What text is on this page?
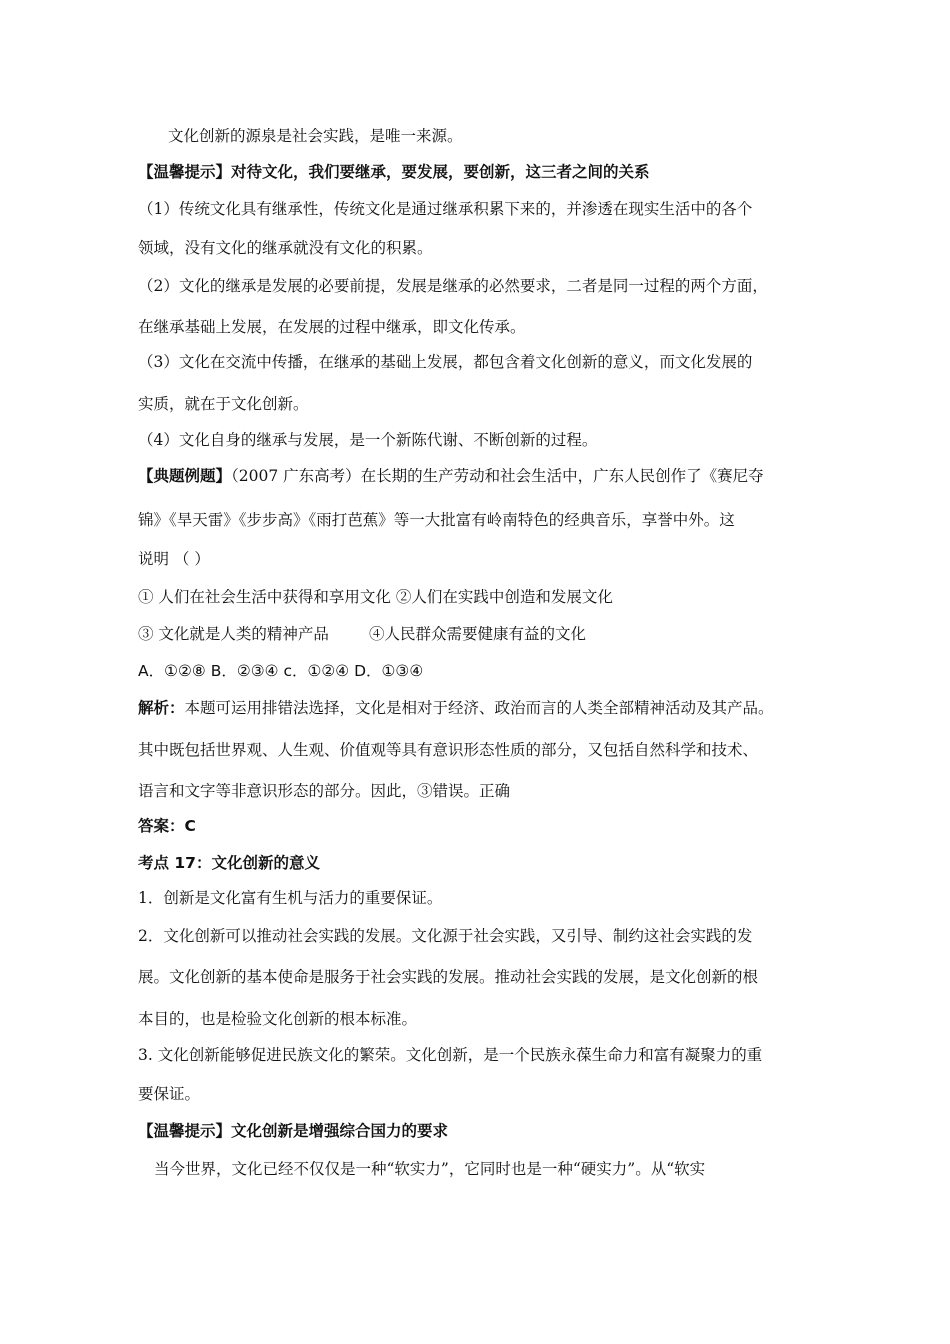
文化创新的源泉是社会实践，是唯一来源。
【温馨提示】对待文化，我们要继承，要发展，要创新，这三者之间的关系
（1）传统文化具有继承性，传统文化是通过继承积累下来的，并渗透在现实生活中的各个
领域，没有文化的继承就没有文化的积累。
（2）文化的继承是发展的必要前提，发展是继承的必然要求，二者是同一过程的两个方面，
在继承基础上发展，在发展的过程中继承，即文化传承。
（3）文化在交流中传播，在继承的基础上发展，都包含着文化创新的意义，而文化发展的
实质，就在于文化创新。
（4）文化自身的继承与发展，是一个新陈代谢、不断创新的过程。
【典题例题】（2007 广东高考）在长期的生产劳动和社会生活中，广东人民创作了《赛尼夺
锦》《旱天雷》《步步高》《雨打芭蕉》等一大批富有岭南特色的经典音乐，享誉中外。这
说明 （ ）
① 人们在社会生活中获得和享用文化 ②人们在实践中创造和发展文化
③ 文化就是人类的精神产品	④人民群众需要健康有益的文化
A．①②⑧ B．②③④ c．①②④ D．①③④
解析：本题可运用排错法选择，文化是相对于经济、政治而言的人类全部精神活动及其产品。
其中既包括世界观、人生观、价值观等具有意识形态性质的部分，又包括自然科学和技术、
语言和文字等非意识形态的部分。因此，③错误。正确
答案：C
考点 17：文化创新的意义
1．创新是文化富有生机与活力的重要保证。
2．文化创新可以推动社会实践的发展。文化源于社会实践，又引导、制约这社会实践的发
展。文化创新的基本使命是服务于社会实践的发展。推动社会实践的发展，是文化创新的根
本目的，也是检验文化创新的根本标准。
3. 文化创新能够促进民族文化的繁荣。文化创新，是一个民族永葆生命力和富有凝聚力的重
要保证。
【温馨提示】文化创新是增强综合国力的要求
当今世界，文化已经不仅仅是一种“软实力”，它同时也是一种“硬实力”。从“软实
